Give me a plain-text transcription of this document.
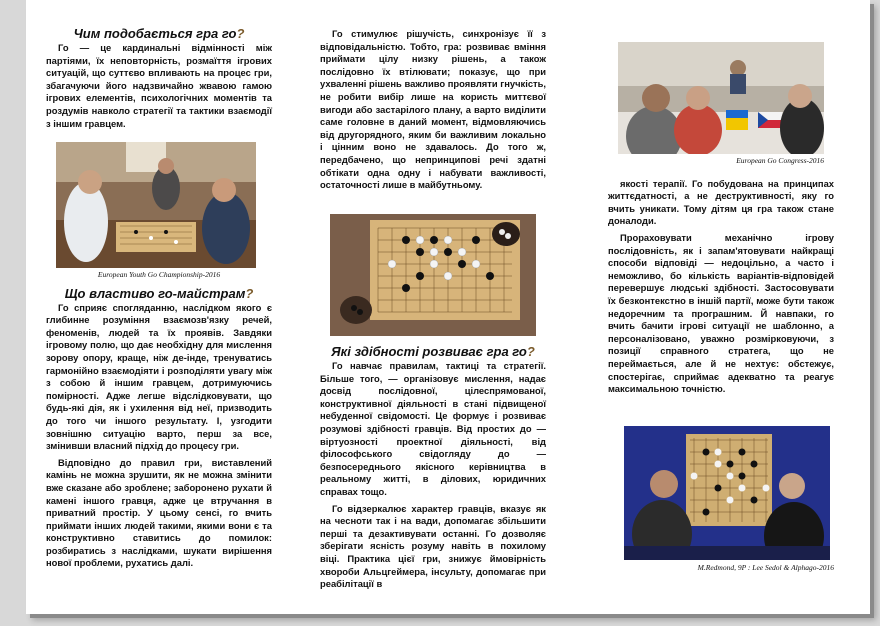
Чим подобається гра го?

Го — це кардинальні відмінності між партіями, їх неповторність, розмаїття ігрових ситуацій, що суттєво впливають на процес гри, збагачуючи його надзвичайно жвавою гамою ігрових елементів, психологічних моментів та роздумів навколо стратегії та тактики взаємодії з іншим гравцем.

European Youth Go Championship-2016
Що властиво го-майстрам?

Го сприяє спогляданню, наслідком якого є глибинне розуміння взаємозв'язку речей, феноменів, людей та їх проявів. Завдяки ігровому полю, що дає необхідну для мислення зорову опору, краще, ніж де-інде, тренуватись гармонійно взаємодіяти і розподіляти увагу між з собою й іншим гравцем, дотримуючись помірності. Адже легше відслідковувати, що будь-які дія, як і ухилення від неї, призводить до того чи іншого результату. І, узгодити зовнішню ситуацію варто, перш за все, змінивши власний підхід до процесу гри.

Відповідно до правил гри, виставлений камінь не можна зрушити, як не можна змінити вже сказане або зроблене; заборонено рухати й камені іншого гравця, адже це втручання в приватний простір. У цьому сенсі, го вчить приймати інших людей такими, якими вони є та конструктивно ставитись до помилок: розбиратись з наслідками, шукати вирішення нової проблеми, рухатись далі.

Го стимулює рішучість, синхронізує її з відповідальністю. Тобто, гра: розвиває вміння приймати цілу низку рішень, а також послідовно їх втілювати; показує, що при ухваленні рішень важливо проявляти гнучкість, не робити вибір лише на користь миттєвої вигоди або застарілого плану, а варто виділити саме головне в даний момент, відмовляючись від другорядного, яким би важливим локально і цінним воно не здавалось. До того ж, передбачено, що непринципові речі здатні обтікати одна одну і набувати важливості, остаточності лише в майбутньому.

Які здібності розвиває гра го?

Го навчає правилам, тактиці та стратегії. Більше того, — організовує мислення, надає досвід послідовної, цілеспрямованої, конструктивної діяльності в стані підвищеної небуденної свідомості. Це формує і розвиває розумові здібності гравців. Від простих до — віртуозності проектної діяльності, від філософського свідогляду до — безпосереднього якісного керівництва в реальному житті, в ділових, юридичних справах тощо.

Го відзеркалює характер гравців, вказує як на чесноти так і на вади, допомагає збільшити перші та дезактивувати останні. Го дозволяє зберігати ясність розуму навіть в похилому віці. Практика цієї гри, знижує ймовірність хвороби Альцгеймера, інсульту, допомагає при реабілітації в

European Go Congress-2016

якості терапії. Го побудована на принципах життєдатності, а не деструктивності, яку го вчить уникати. Тому дітям ця гра також стане доналоди.

Прораховувати механічно ігрову послідовність, як і запам'ятовувати найкращі способи відповіді — недоцільно, а часто і неможливо, бо кількість варіантів-відповідей перевершує людські здібності. Застосовувати їх безконтекстно в іншій партії, може бути також недоречним та програшним. Й навпаки, го вчить бачити ігрові ситуації не шаблонно, а персоналізовано, уважно розмірковуючи, з позиції справного стратега, що не переймається, але й не нехтує: обстежує, спостерігає, сприймає адекватно та реагує максимальною точністю.

M.Redmond, 9P : Lee Sedol & Alphago-2016
